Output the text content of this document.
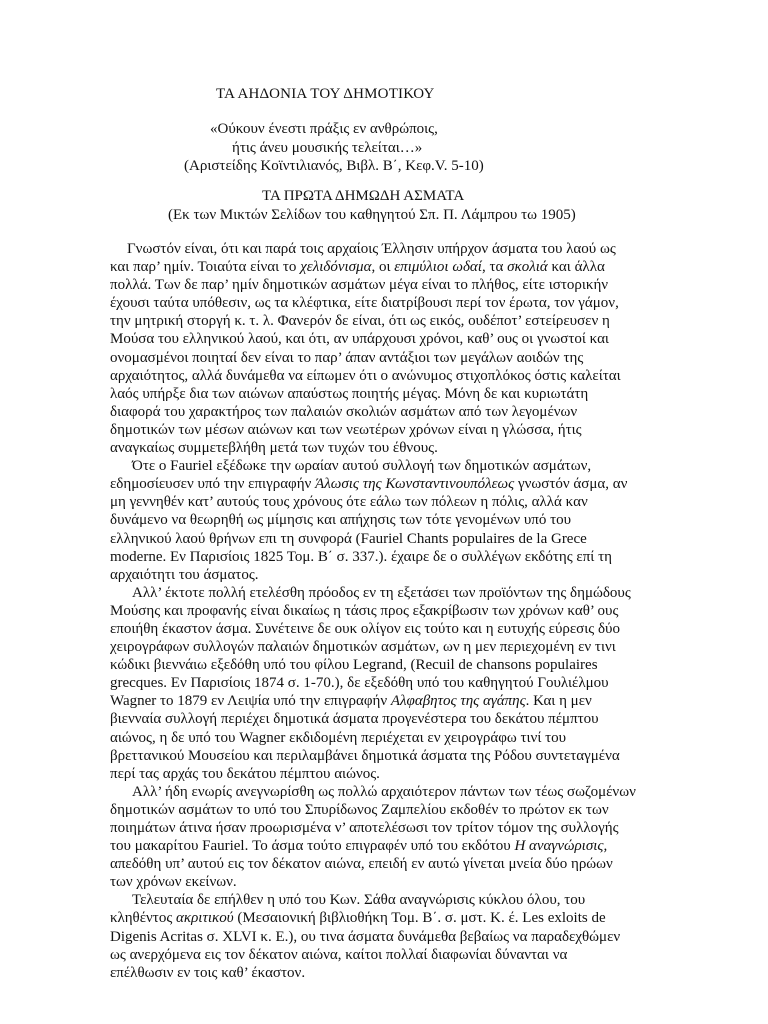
ΤΑ ΑΗΔΟΝΙΑ ΤΟΥ ΔΗΜΟΤΙΚΟΥ
«Ούκουν ένεστι πράξις εν ανθρώποις,
ήτις άνευ μουσικής τελείται…»
(Αριστείδης Κοϊντιλιανός, Βιβλ. Β΄, Κεφ.V. 5-10)
ΤΑ ΠΡΩΤΑ ΔΗΜΩΔΗ ΑΣΜΑΤΑ
(Εκ των Μικτών Σελίδων του καθηγητού Σπ. Π. Λάμπρου τω 1905)
Γνωστόν είναι, ότι και παρά τοις αρχαίοις Έλλησιν υπήρχον άσματα του λαού ως
και παρ’ ημίν. Τοιαύτα είναι το χελιδόνισμα, οι επιμύλιοι ωδαί, τα σκολιά και άλλα
πολλά. Των δε παρ’ ημίν δημοτικών ασμάτων μέγα είναι το πλήθος, είτε ιστορικήν
έχουσι ταύτα υπόθεσιν, ως τα κλέφτικα, είτε διατρίβουσι περί τον έρωτα, τον γάμον,
την μητρική στοργή κ. τ. λ. Φανερόν δε είναι, ότι ως εικός, ουδέποτ’ εστείρευσεν η
Μούσα του ελληνικού λαού, και ότι, αν υπάρχουσι χρόνοι, καθ’ ους οι γνωστοί και
ονομασμένοι ποιηταί δεν είναι το παρ’ άπαν αντάξιοι των μεγάλων αοιδών της
αρχαιότητος, αλλά δυνάμεθα να είπωμεν ότι ο ανώνυμος στιχοπλόκος όστις καλείται
λαός υπήρξε δια των αιώνων απαύστως ποιητής μέγας. Μόνη δε και κυριωτάτη
διαφορά του χαρακτήρος των παλαιών σκολιών ασμάτων από των λεγομένων
δημοτικών των μέσων αιώνων και των νεωτέρων χρόνων είναι η γλώσσα, ήτις
αναγκαίως συμμετεβλήθη μετά των τυχών του έθνους.
Ότε ο Fauriel εξέδωκε την ωραίαν αυτού συλλογή των δημοτικών ασμάτων,
εδημοσίευσεν υπό την επιγραφήν Άλωσις της Κωνσταντινουπόλεως γνωστόν άσμα, αν
μη γεννηθέν κατ’ αυτούς τους χρόνους ότε εάλω των πόλεων η πόλις, αλλά καν
δυνάμενο να θεωρηθή ως μίμησις και απήχησις των τότε γενομένων υπό του
ελληνικού λαού θρήνων επι τη συνφορά (Fauriel Chants populaires de la Grece
moderne. Εν Παρισίοις 1825 Τομ. Β΄ σ. 337.). έχαιρε δε ο συλλέγων εκδότης επί τη
αρχαιότητι του άσματος.
Αλλ’ έκτοτε πολλή ετελέσθη πρόοδος εν τη εξετάσει των προϊόντων της δημώδους
Μούσης και προφανής είναι δικαίως η τάσις προς εξακρίβωσιν των χρόνων καθ’ ους
εποιήθη έκαστον άσμα. Συνέτεινε δε ουκ ολίγον εις τούτο και η ευτυχής εύρεσις δύο
χειρογράφων συλλογών παλαιών δημοτικών ασμάτων, ων η μεν περιεχομένη εν τινι
κώδικι βιεννάιω εξεδόθη υπό του φίλου Legrand, (Recuil de chansons populaires
grecques. Εν Παρισίοις 1874 σ. 1-70.), δε εξεδόθη υπό του καθηγητού Γουλιέλμου
Wagner το 1879 εν Λειψία υπό την επιγραφήν Αλφαβητος της αγάπης. Και η μεν
βιενναία συλλογή περιέχει δημοτικά άσματα προγενέστερα του δεκάτου πέμπτου
αιώνος, η δε υπό του Wagner εκδιδομένη περιέχεται εν χειρογράφω τινί του
βρεττανικού Μουσείου και περιλαμβάνει δημοτικά άσματα της Ρόδου συντεταγμένα
περί τας αρχάς του δεκάτου πέμπτου αιώνος.
Αλλ’ ήδη ενωρίς ανεγνωρίσθη ως πολλώ αρχαιότερον πάντων των τέως σωζομένων
δημοτικών ασμάτων το υπό του Σπυρίδωνος Ζαμπελίου εκδοθέν το πρώτον εκ των
ποιημάτων άτινα ήσαν προωρισμένα ν’ αποτελέσωσι τον τρίτον τόμον της συλλογής
του μακαρίτου Fauriel. Το άσμα τούτο επιγραφέν υπό του εκδότου Η αναγνώρισις,
απεδόθη υπ’ αυτού εις τον δέκατον αιώνα, επειδή εν αυτώ γίνεται μνεία δύο ηρώων
των χρόνων εκείνων.
Τελευταία δε επήλθεν η υπό του Κων. Σάθα αναγνώρισις κύκλου όλου, του
κληθέντος ακριτικού (Μεσαιονική βιβλιοθήκη Τομ. Β΄. σ. μστ. Κ. έ. Les exloits de
Digenis Acritas σ. XLVI κ. Ε.), ου τινα άσματα δυνάμεθα βεβαίως να παραδεχθώμεν
ως ανερχόμενα εις τον δέκατον αιώνα, καίτοι πολλαί διαφωνίαι δύνανται να
επέλθωσιν εν τοις καθ’ έκαστον.
